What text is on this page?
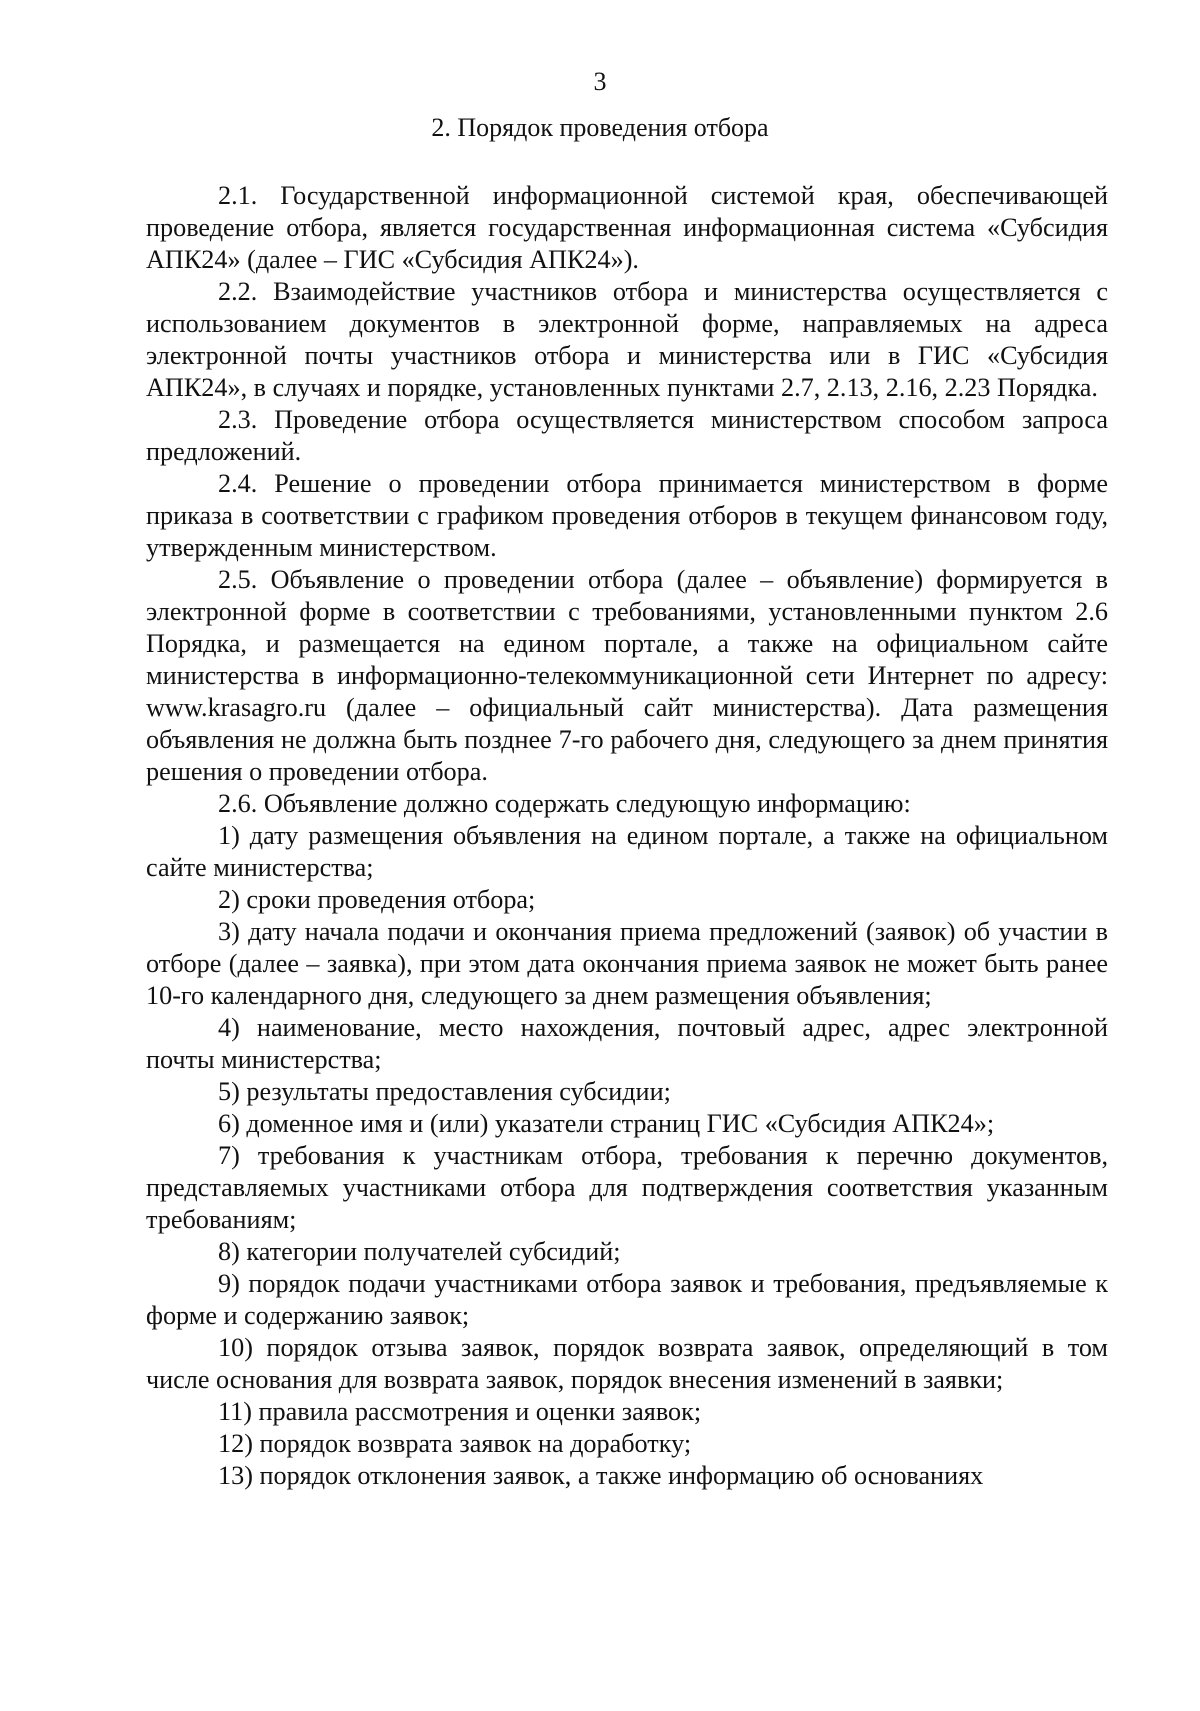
3
2. Порядок проведения отбора

2.1. Государственной информационной системой края, обеспечивающей проведение отбора, является государственная информационная система «Субсидия АПК24» (далее – ГИС «Субсидия АПК24»).

2.2. Взаимодействие участников отбора и министерства осуществляется с использованием документов в электронной форме, направляемых на адреса электронной почты участников отбора и министерства или в ГИС «Субсидия АПК24», в случаях и порядке, установленных пунктами 2.7, 2.13, 2.16, 2.23 Порядка.

2.3. Проведение отбора осуществляется министерством способом запроса предложений.

2.4. Решение о проведении отбора принимается министерством в форме приказа в соответствии с графиком проведения отборов в текущем финансовом году, утвержденным министерством.

2.5. Объявление о проведении отбора (далее – объявление) формируется в электронной форме в соответствии с требованиями, установленными пунктом 2.6 Порядка, и размещается на едином портале, а также на официальном сайте министерства в информационно-телекоммуникационной сети Интернет по адресу: www.krasagro.ru (далее – официальный сайт министерства). Дата размещения объявления не должна быть позднее 7-го рабочего дня, следующего за днем принятия решения о проведении отбора.

2.6. Объявление должно содержать следующую информацию:

1) дату размещения объявления на едином портале, а также на официальном сайте министерства;

2) сроки проведения отбора;

3) дату начала подачи и окончания приема предложений (заявок) об участии в отборе (далее – заявка), при этом дата окончания приема заявок не может быть ранее 10-го календарного дня, следующего за днем размещения объявления;

4) наименование, место нахождения, почтовый адрес, адрес электронной почты министерства;

5) результаты предоставления субсидии;

6) доменное имя и (или) указатели страниц ГИС «Субсидия АПК24»;

7) требования к участникам отбора, требования к перечню документов, представляемых участниками отбора для подтверждения соответствия указанным требованиям;

8) категории получателей субсидий;

9) порядок подачи участниками отбора заявок и требования, предъявляемые к форме и содержанию заявок;

10) порядок отзыва заявок, порядок возврата заявок, определяющий в том числе основания для возврата заявок, порядок внесения изменений в заявки;

11) правила рассмотрения и оценки заявок;

12) порядок возврата заявок на доработку;

13) порядок отклонения заявок, а также информацию об основаниях
